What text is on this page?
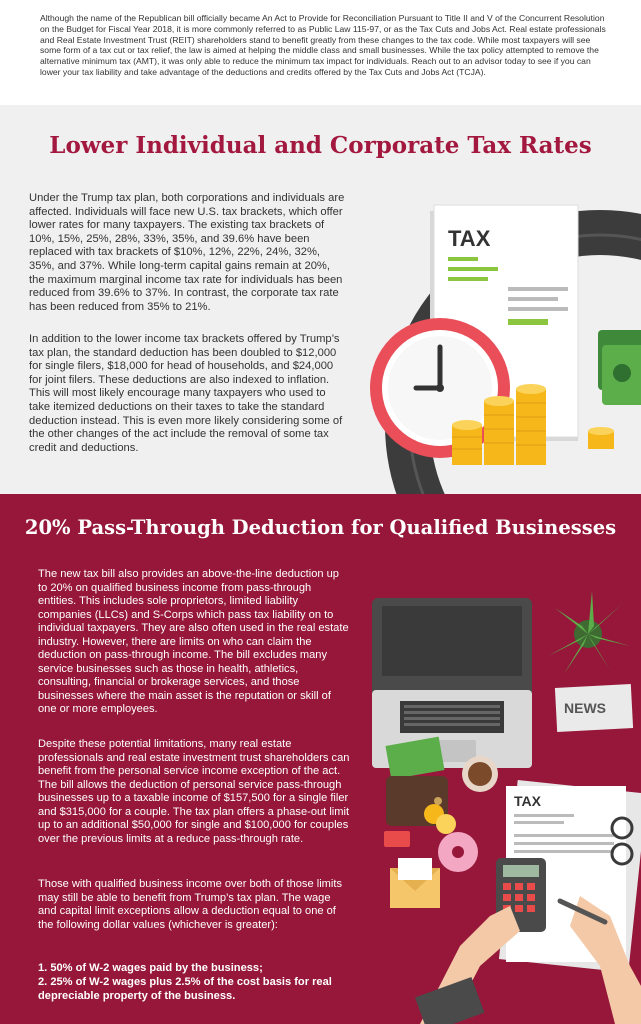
Although the name of the Republican bill officially became An Act to Provide for Reconciliation Pursuant to Title II and V of the Concurrent Resolution on the Budget for Fiscal Year 2018, it is more commonly referred to as Public Law 115-97, or as the Tax Cuts and Jobs Act. Real estate professionals and Real Estate Investment Trust (REIT) shareholders stand to benefit greatly from these changes to the tax code. While most taxpayers will see some form of a tax cut or tax relief, the law is aimed at helping the middle class and small businesses. While the tax policy attempted to remove the alternative minimum tax (AMT), it was only able to reduce the minimum tax impact for individuals. Reach out to an advisor today to see if you can lower your tax liability and take advantage of the deductions and credits offered by the Tax Cuts and Jobs Act (TCJA).

Lower Individual and Corporate Tax Rates

Under the Trump tax plan, both corporations and individuals are affected. Individuals will face new U.S. tax brackets, which offer lower rates for many taxpayers. The existing tax brackets of 10%, 15%, 25%, 28%, 33%, 35%, and 39.6% have been replaced with tax brackets of $10%, 12%, 22%, 24%, 32%, 35%, and 37%. While long-term capital gains remain at 20%, the maximum marginal income tax rate for individuals has been reduced from 39.6% to 37%. In contrast, the corporate tax rate has been reduced from 35% to 21%.

In addition to the lower income tax brackets offered by Trump’s tax plan, the standard deduction has been doubled to $12,000 for single filers, $18,000 for head of households, and $24,000 for joint filers. These deductions are also indexed to inflation. This will most likely encourage many taxpayers who used to take itemized deductions on their taxes to take the standard deduction instead. This is even more likely considering some of the other changes of the act include the removal of some tax credit and deductions.

TAX
20% Pass-Through Deduction for Qualified Businesses

The new tax bill also provides an above-the-line deduction up to 20% on qualified business income from pass-through entities. This includes sole proprietors, limited liability companies (LLCs) and S-Corps which pass tax liability on to individual taxpayers. They are also often used in the real estate industry. However, there are limits on who can claim the deduction on pass-through income. The bill excludes many service businesses such as those in health, athletics, consulting, financial or brokerage services, and those businesses where the main asset is the reputation or skill of one or more employees.

Despite these potential limitations, many real estate professionals and real estate investment trust shareholders can benefit from the personal service income exception of the act. The bill allows the deduction of personal service pass-through businesses up to a taxable income of $157,500 for a single filer and $315,000 for a couple. The tax plan offers a phase-out limit up to an additional $50,000 for single and $100,000 for couples over the previous limits at a reduce pass-through rate.

Those with qualified business income over both of those limits may still be able to benefit from Trump’s tax plan. The wage and capital limit exceptions allow a deduction equal to one of the following dollar values (whichever is greater):

1. 50% of W-2 wages paid by the business;

2. 25% of W-2 wages plus 2.5% of the cost basis for real depreciable property of the business.

NEWS
TAX
